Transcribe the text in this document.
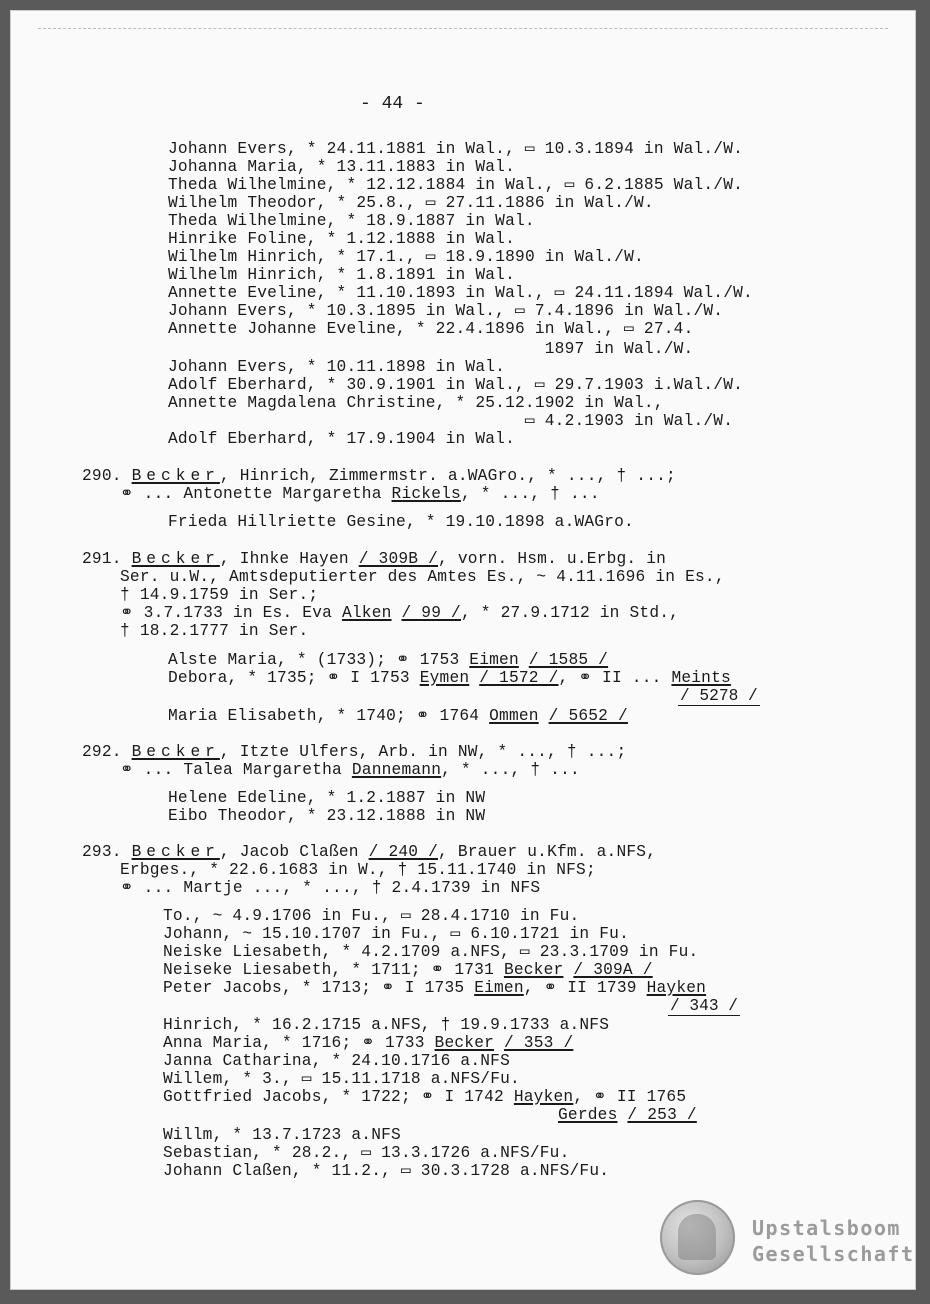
- 44 -
Johann Evers, * 24.11.1881 in Wal., ▭ 10.3.1894 in Wal./W.
Johanna Maria, * 13.11.1883 in Wal.
Theda Wilhelmine, * 12.12.1884 in Wal., ▭ 6.2.1885 Wal./W.
Wilhelm Theodor, * 25.8., ▭ 27.11.1886 in Wal./W.
Theda Wilhelmine, * 18.9.1887 in Wal.
Hinrike Foline, * 1.12.1888 in Wal.
Wilhelm Hinrich, * 17.1., ▭ 18.9.1890 in Wal./W.
Wilhelm Hinrich, * 1.8.1891 in Wal.
Annette Eveline, * 11.10.1893 in Wal., ▭ 24.11.1894 Wal./W.
Johann Evers, * 10.3.1895 in Wal., ▭ 7.4.1896 in Wal./W.
Annette Johanne Eveline, * 22.4.1896 in Wal., ▭ 27.4.
1897 in Wal./W.
Johann Evers, * 10.11.1898 in Wal.
Adolf Eberhard, * 30.9.1901 in Wal., ▭ 29.7.1903 i.Wal./W.
Annette Magdalena Christine, * 25.12.1902 in Wal.,
▭ 4.2.1903 in Wal./W.
Adolf Eberhard, * 17.9.1904 in Wal.
290. Becker, Hinrich, Zimmermstr. a.WAGro., * ..., † ...;
⚭ ... Antonette Margaretha Rickels, * ..., † ...
Frieda Hillriette Gesine, * 19.10.1898 a.WAGro.
291. Becker, Ihnke Hayen / 309B /, vorn. Hsm. u.Erbg. in
Ser. u.W., Amtsdeputierter des Amtes Es., ~ 4.11.1696 in Es.,
† 14.9.1759 in Ser.;
⚭ 3.7.1733 in Es. Eva Alken / 99 /, * 27.9.1712 in Std.,
† 18.2.1777 in Ser.
Alste Maria, * (1733); ⚭ 1753 Eimen / 1585 /
Debora, * 1735; ⚭ I 1753 Eymen / 1572 /, ⚭ II ... Meints
/ 5278 /
Maria Elisabeth, * 1740; ⚭ 1764 Ommen / 5652 /
292. Becker, Itzte Ulfers, Arb. in NW, * ..., † ...;
⚭ ... Talea Margaretha Dannemann, * ..., † ...
Helene Edeline, * 1.2.1887 in NW
Eibo Theodor, * 23.12.1888 in NW
293. Becker, Jacob Claßen / 240 /, Brauer u.Kfm. a.NFS,
Erbges., * 22.6.1683 in W., † 15.11.1740 in NFS;
⚭ ... Martje ..., * ..., † 2.4.1739 in NFS
To., ~ 4.9.1706 in Fu., ▭ 28.4.1710 in Fu.
Johann, ~ 15.10.1707 in Fu., ▭ 6.10.1721 in Fu.
Neiske Liesabeth, * 4.2.1709 a.NFS, ▭ 23.3.1709 in Fu.
Neiseke Liesabeth, * 1711; ⚭ 1731 Becker / 309A /
Peter Jacobs, * 1713; ⚭ I 1735 Eimen, ⚭ II 1739 Hayken
/ 343 /
Hinrich, * 16.2.1715 a.NFS, † 19.9.1733 a.NFS
Anna Maria, * 1716; ⚭ 1733 Becker / 353 /
Janna Catharina, * 24.10.1716 a.NFS
Willem, * 3., ▭ 15.11.1718 a.NFS/Fu.
Gottfried Jacobs, * 1722; ⚭ I 1742 Hayken, ⚭ II 1765
Gerdes / 253 /
Willm, * 13.7.1723 a.NFS
Sebastian, * 28.2., ▭ 13.3.1726 a.NFS/Fu.
Johann Claßen, * 11.2., ▭ 30.3.1728 a.NFS/Fu.
Upstalsboom
Gesellschaft
